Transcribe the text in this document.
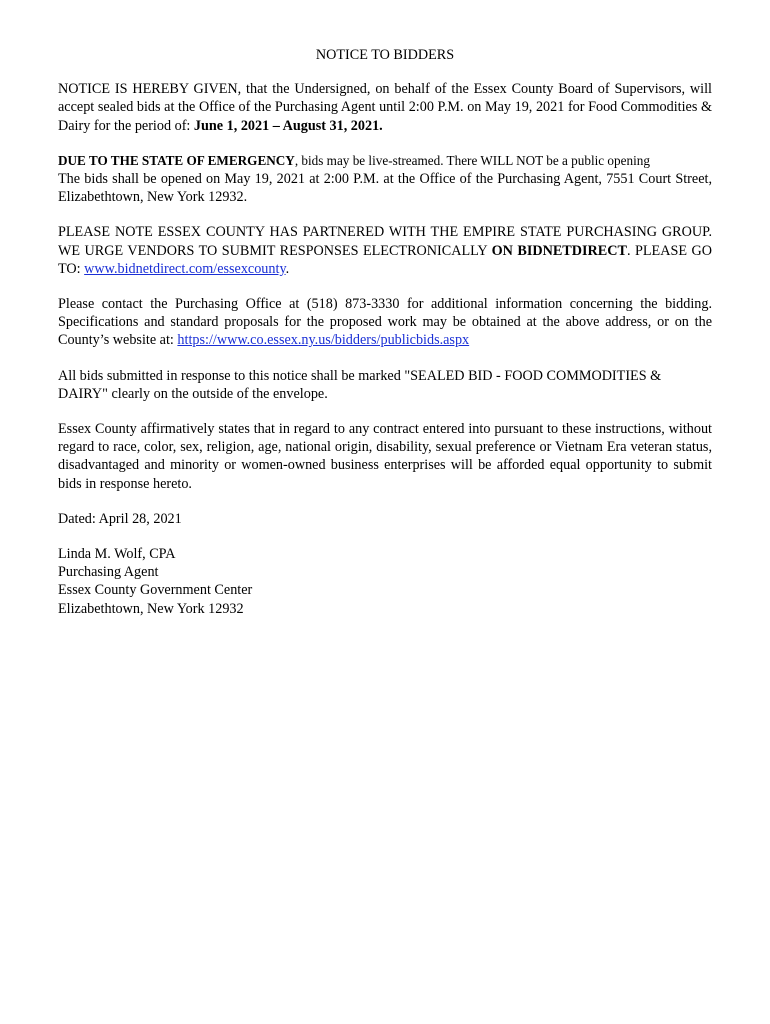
NOTICE TO BIDDERS

NOTICE IS HEREBY GIVEN, that the Undersigned, on behalf of the Essex County Board of Supervisors, will accept sealed bids at the Office of the Purchasing Agent until 2:00 P.M. on May 19, 2021 for Food Commodities & Dairy for the period of: June 1, 2021 – August 31, 2021.

DUE TO THE STATE OF EMERGENCY, bids may be live-streamed. There WILL NOT be a public opening
The bids shall be opened on May 19, 2021 at 2:00 P.M. at the Office of the Purchasing Agent, 7551 Court Street, Elizabethtown, New York 12932.

PLEASE NOTE ESSEX COUNTY HAS PARTNERED WITH THE EMPIRE STATE PURCHASING GROUP. WE URGE VENDORS TO SUBMIT RESPONSES ELECTRONICALLY ON BIDNETDIRECT. PLEASE GO TO: www.bidnetdirect.com/essexcounty.

Please contact the Purchasing Office at (518) 873-3330 for additional information concerning the bidding. Specifications and standard proposals for the proposed work may be obtained at the above address, or on the County’s website at: https://www.co.essex.ny.us/bidders/publicbids.aspx

All bids submitted in response to this notice shall be marked "SEALED BID - FOOD COMMODITIES & DAIRY" clearly on the outside of the envelope.

Essex County affirmatively states that in regard to any contract entered into pursuant to these instructions, without regard to race, color, sex, religion, age, national origin, disability, sexual preference or Vietnam Era veteran status, disadvantaged and minority or women-owned business enterprises will be afforded equal opportunity to submit bids in response hereto.

Dated: April 28, 2021

Linda M. Wolf, CPA

Purchasing Agent

Essex County Government Center

Elizabethtown, New York 12932
